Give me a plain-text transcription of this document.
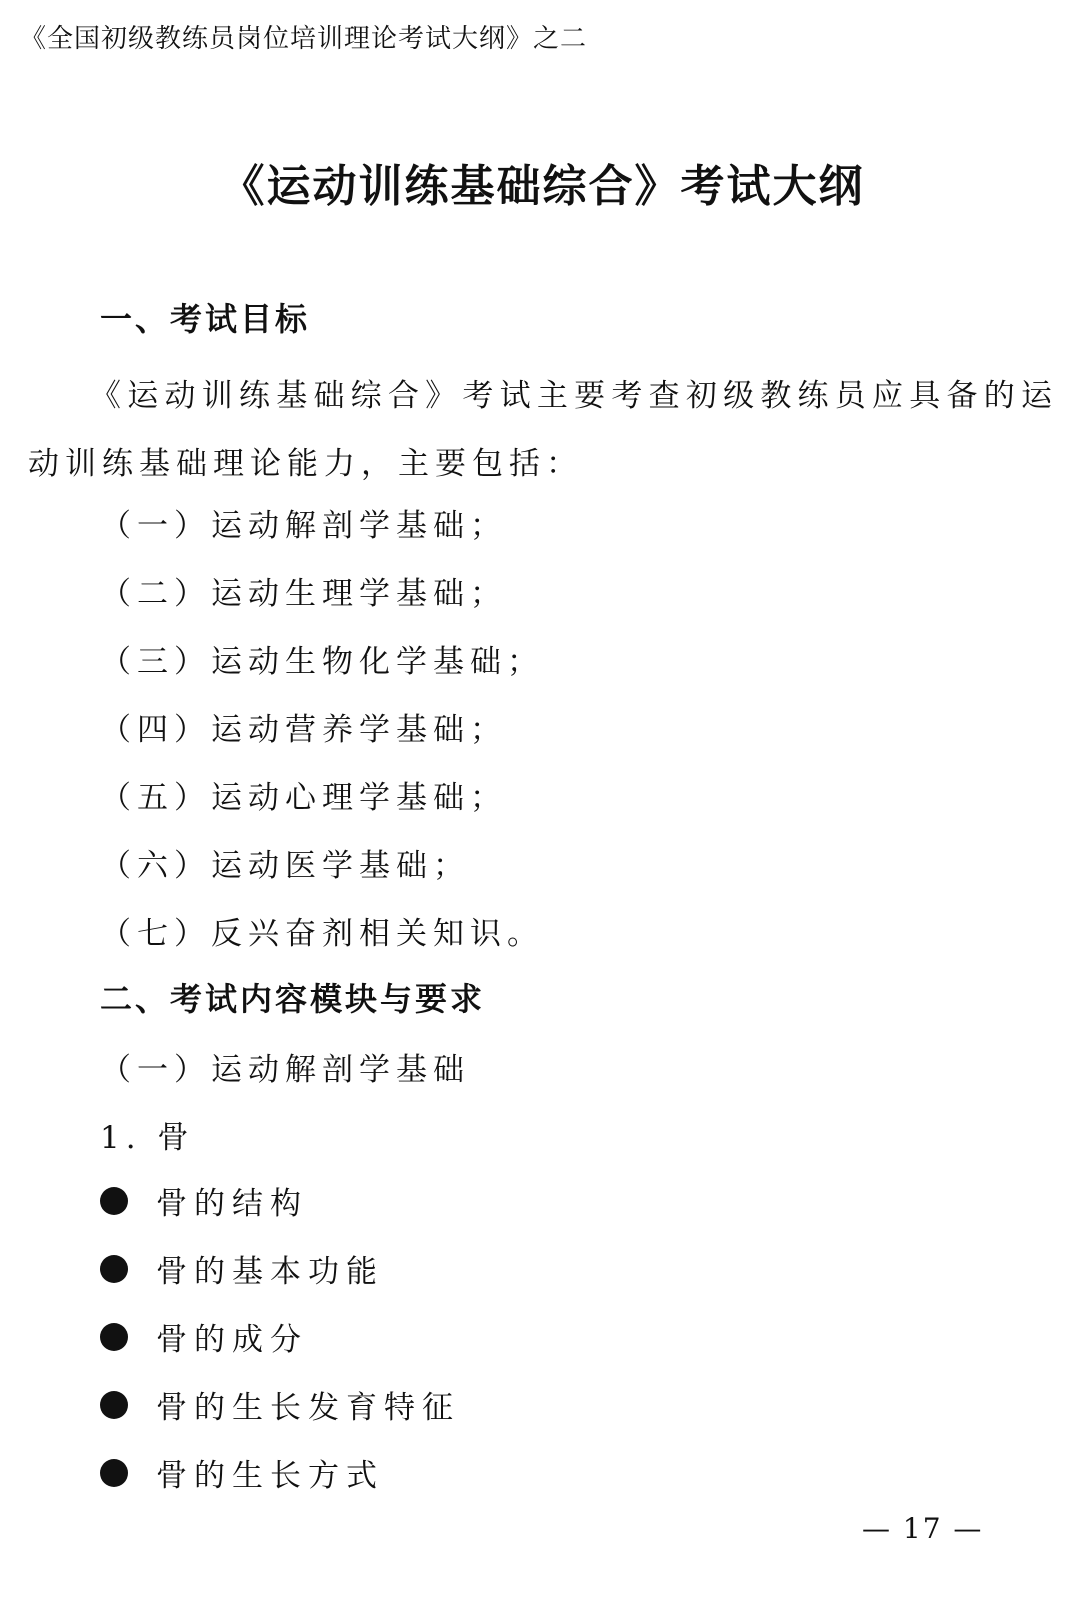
《全国初级教练员岗位培训理论考试大纲》之二
《运动训练基础综合》考试大纲
一、考试目标
《运动训练基础综合》考试主要考查初级教练员应具备的运动训练基础理论能力，主要包括：
（一）运动解剖学基础；
（二）运动生理学基础；
（三）运动生物化学基础；
（四）运动营养学基础；
（五）运动心理学基础；
（六）运动医学基础；
（七）反兴奋剂相关知识。
二、考试内容模块与要求
（一）运动解剖学基础
1. 骨
骨的结构
骨的基本功能
骨的成分
骨的生长发育特征
骨的生长方式
— 17 —
